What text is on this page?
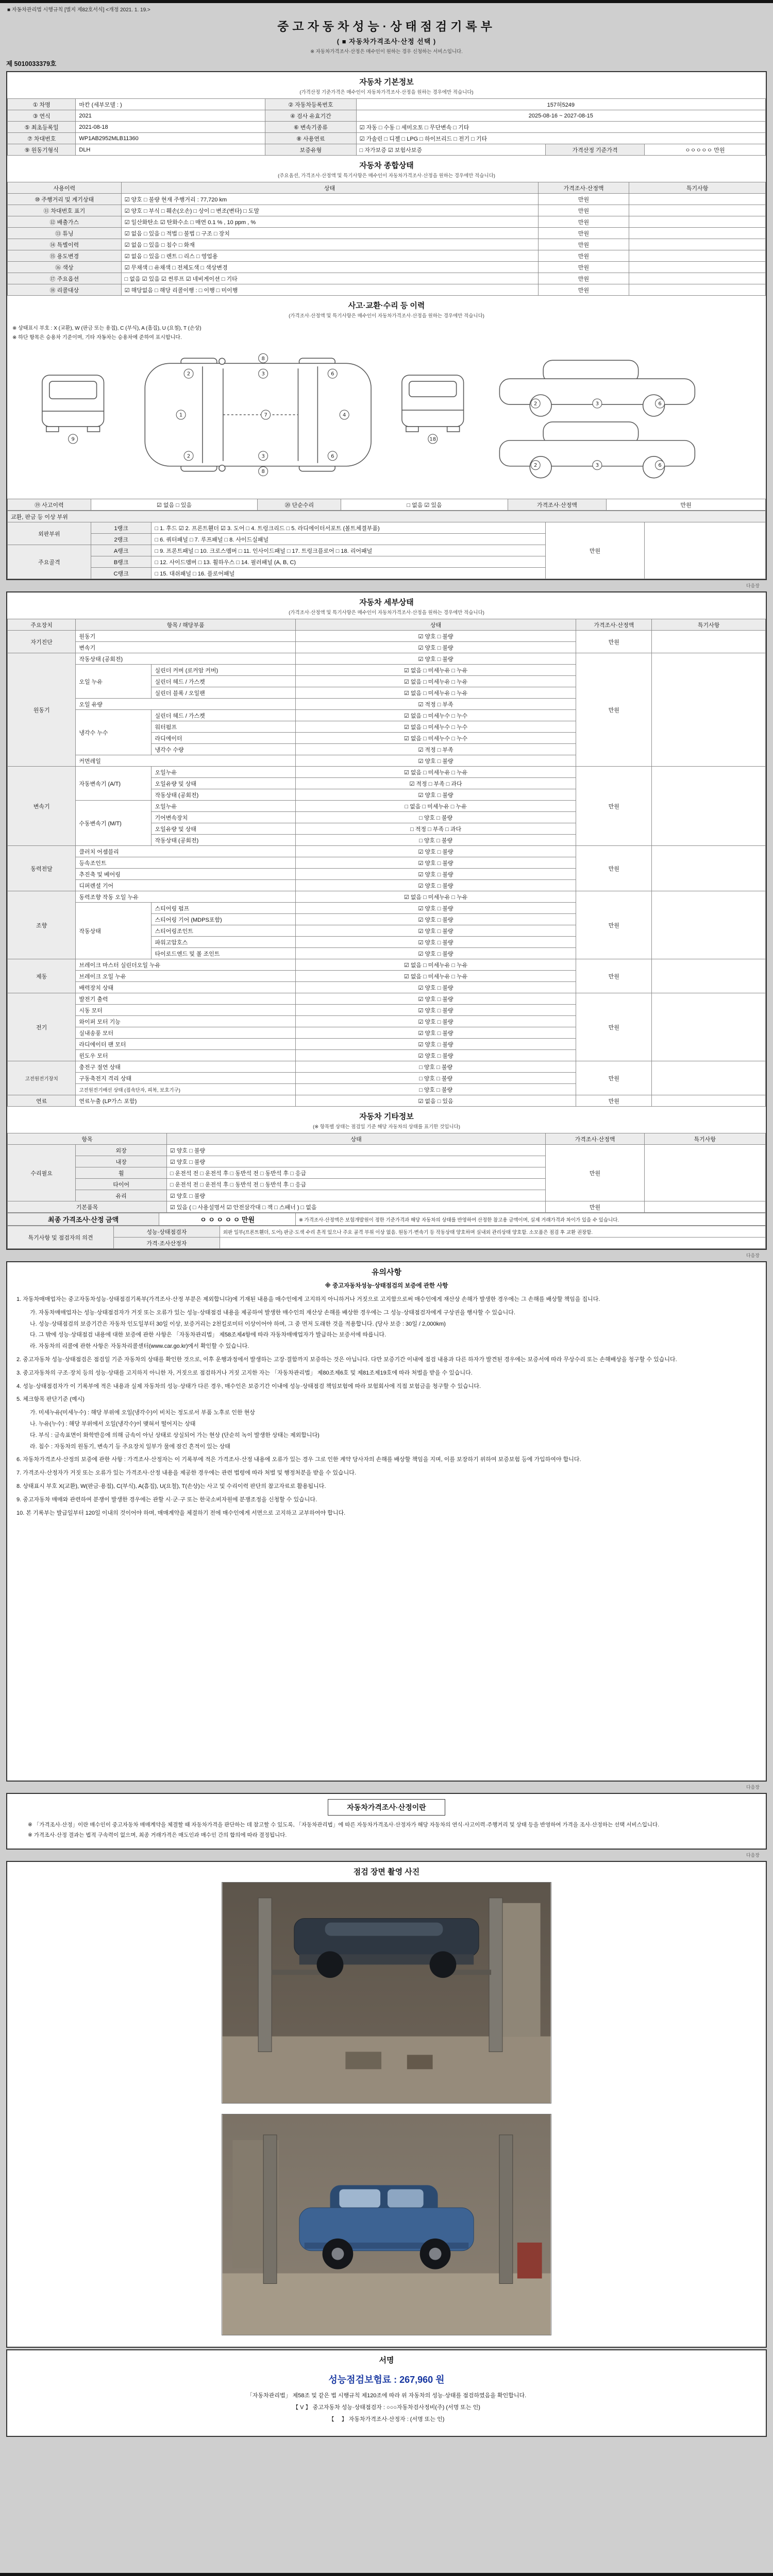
■ 자동차관리법 시행규칙 [별지 제82호서식] <개정 2021. 1. 19.>
중고자동차성능·상태점검기록부
( ■ 자동차가격조사·산정 선택 )
※ 자동차가격조사·산정은 매수인이 원하는 경우 신청하는 서비스입니다.
제 5010033379호
자동차 기본정보
(가격산정 기준가격은 매수인이 자동차가격조사·산정을 원하는 경우에만 적습니다)
① 차명	마칸 (세부모델 : )	② 자동차등록번호	157허5249		
③ 연식	2021	④ 검사 유효기간	2025-08-16 ~ 2027-08-15		
⑤ 최초등록일	2021-08-18	⑥ 변속기종류	☑ 자동 □ 수동 □ 세미오토 □ 무단변속 □ 기타		
⑦ 차대번호	WP1AB2952MLB11360	⑧ 사용연료	☑ 가솔린 □ 디젤 □ LPG □ 하이브리드 □ 전기 □ 기타		
⑨ 원동기형식	DLH	보증유형	□ 자가보증 ☑ 보험사보증	가격산정 기준가격	ㅇㅇㅇㅇㅇ 만원
자동차 종합상태
(주요옵션, 가격조사·산정액 및 특기사항은 매수인이 자동차가격조사·산정을 원하는 경우에만 적습니다)
사용이력	상태	가격조사·산정액	특기사항
⑩ 주행거리 및 계기상태	☑ 양호 □ 불량 현재 주행거리 : 77,720 km	만원	
⑪ 차대번호 표기	☑ 양호 □ 부식 □ 훼손(오손) □ 상이 □ 변조(변타) □ 도말	만원	
⑫ 배출가스	☑ 일산화탄소 ☑ 탄화수소 □ 매연 0.1 % , 10 ppm , %	만원	
⑬ 튜닝	☑ 없음 □ 있음 □ 적법 □ 불법 □ 구조 □ 장치	만원	
⑭ 특별이력	☑ 없음 □ 있음 □ 침수 □ 화재	만원	
⑮ 용도변경	☑ 없음 □ 있음 □ 렌트 □ 리스 □ 영업용	만원	
⑯ 색상	☑ 무채색 □ 유채색 □ 전체도색 □ 색상변경	만원	
⑰ 주요옵션	□ 없음 ☑ 있음 ☑ 썬루프 ☑ 네비게이션 □ 기타	만원	
⑱ 리콜대상	☑ 해당없음 □ 해당 리콜이행 : □ 이행 □ 미이행	만원	
사고·교환·수리 등 이력
(가격조사·산정액 및 특기사항은 매수인이 자동차가격조사·산정을 원하는 경우에만 적습니다)
※ 상태표시 부호 : X (교환), W (판금 또는 용접), C (부식), A (흠집), U (요철), T (손상)
※ 하단 항목은 승용차 기준이며, 기타 자동차는 승용차에 준하여 표시합니다.
9
1
2
2
3
3
7	4
6
6
8
8
18
2	3	6
2	3	6
⑲ 사고이력	☑ 없음 □ 있음	⑳ 단순수리	□ 없음 ☑ 있음	가격조사·산정액	만원
교환, 판금 등 이상 부위				
외판부위	1랭크	□ 1. 후드 ☑ 2. 프론트휀더 ☑ 3. 도어 □ 4. 트렁크리드 □ 5. 라디에이터서포트 (볼트체결부품)	만원	
	2랭크	□ 6. 쿼터패널 □ 7. 루프패널 □ 8. 사이드실패널		
주요골격	A랭크	□ 9. 프론트패널 □ 10. 크로스멤버 □ 11. 인사이드패널 □ 17. 트렁크플로어 □ 18. 리어패널		
	B랭크	□ 12. 사이드멤버 □ 13. 휠하우스 □ 14. 필러패널 (A, B, C)		
	C랭크	□ 15. 대쉬패널 □ 16. 플로어패널		
다음장
자동차 세부상태
(가격조사·산정액 및 특기사항은 매수인이 자동차가격조사·산정을 원하는 경우에만 적습니다)
주요장치	항목 / 해당부품		상태	가격조사·산정액	특기사항
자기진단	원동기		☑ 양호 □ 불량	만원	
	변속기		☑ 양호 □ 불량		
원동기	작동상태 (공회전)		☑ 양호 □ 불량	만원	
	오일 누유	실린더 커버 (로커암 커버)	☑ 없음 □ 미세누유 □ 누유		
		실린더 헤드 / 가스켓	☑ 없음 □ 미세누유 □ 누유		
		실린더 블록 / 오일팬	☑ 없음 □ 미세누유 □ 누유		
	오일 유량		☑ 적정 □ 부족		
	냉각수 누수	실린더 헤드 / 가스켓	☑ 없음 □ 미세누수 □ 누수		
		워터펌프	☑ 없음 □ 미세누수 □ 누수		
		라디에이터	☑ 없음 □ 미세누수 □ 누수		
		냉각수 수량	☑ 적정 □ 부족		
	커먼레일		☑ 양호 □ 불량		
변속기	자동변속기 (A/T)	오일누유	☑ 없음 □ 미세누유 □ 누유	만원	
		오일유량 및 상태	☑ 적정 □ 부족 □ 과다		
		작동상태 (공회전)	☑ 양호 □ 불량		
	수동변속기 (M/T)	오일누유	□ 없음 □ 미세누유 □ 누유		
		기어변속장치	□ 양호 □ 불량		
		오일유량 및 상태	□ 적정 □ 부족 □ 과다		
		작동상태 (공회전)	□ 양호 □ 불량		
동력전달	클러치 어셈블리		☑ 양호 □ 불량	만원	
	등속조인트		☑ 양호 □ 불량		
	추진축 및 베어링		☑ 양호 □ 불량		
	디퍼렌셜 기어		☑ 양호 □ 불량		
조향	동력조향 작동 오일 누유		☑ 없음 □ 미세누유 □ 누유	만원	
	작동상태	스티어링 펌프	☑ 양호 □ 불량		
		스티어링 기어 (MDPS포함)	☑ 양호 □ 불량		
		스티어링조인트	☑ 양호 □ 불량		
		파워고압호스	☑ 양호 □ 불량		
		타이로드엔드 및 볼 조인트	☑ 양호 □ 불량		
제동	브레이크 마스터 실린더오일 누유		☑ 없음 □ 미세누유 □ 누유	만원	
	브레이크 오일 누유		☑ 없음 □ 미세누유 □ 누유		
	배력장치 상태		☑ 양호 □ 불량		
전기	발전기 출력		☑ 양호 □ 불량	만원	
	시동 모터		☑ 양호 □ 불량		
	와이퍼 모터 기능		☑ 양호 □ 불량		
	실내송풍 모터		☑ 양호 □ 불량		
	라디에이터 팬 모터		☑ 양호 □ 불량		
	윈도우 모터		☑ 양호 □ 불량		
고전원전기장치	충전구 절연 상태		□ 양호 □ 불량	만원	
	구동축전지 격리 상태		□ 양호 □ 불량		
	고전원전기배선 상태 (접속단자, 피복, 보호기구)		□ 양호 □ 불량		
연료	연료누출 (LP가스 포함)		☑ 없음 □ 있음	만원	
자동차 기타정보
(※ 항목별 상태는 점검일 기준 해당 자동차의 상태를 표기한 것입니다)
항목		상태	가격조사·산정액	특기사항
수리필요	외장	☑ 양호 □ 불량	만원	
	내장	☑ 양호 □ 불량		
	휠	□ 운전석 전 □ 운전석 후 □ 동반석 전 □ 동반석 후 □ 응급		
	타이어	□ 운전석 전 □ 운전석 후 □ 동반석 전 □ 동반석 후 □ 응급		
	유리	☑ 양호 □ 불량		
기본품목		☑ 있음 ( □ 사용설명서 ☑ 안전삼각대 □ 잭 □ 스패너 ) □ 없음	만원	
최종 가격조사·산정 금액	ㅇ ㅇ ㅇ ㅇ ㅇ 만원	※ 가격조사·산정액은 보험개발원이 정한 기준가격과 해당 자동차의 상태를 반영하여 산정한 참고용 금액이며, 실제 거래가격과 차이가 있을 수 있습니다.
특기사항 및 점검자의 의견	성능·상태점검자	외판 일부(프론트휀더, 도어) 판금·도색 수리 흔적 있으나 주요 골격 부위 이상 없음. 원동기·변속기 등 작동상태 양호하며 실내외 관리상태 양호함. 소모품은 점검 후 교환 권장함.
	가격·조사산정자	
다음장
유의사항
※ 중고자동차성능·상태점검의 보증에 관한 사항
1. 자동차매매업자는 중고자동차성능·상태점검기록부(가격조사·산정 부분은 제외합니다)에 기재된 내용을 매수인에게 고지하지 아니하거나 거짓으로 고지함으로써 매수인에게 재산상 손해가 발생한 경우에는 그 손해를 배상할 책임을 집니다.
가. 자동차매매업자는 성능·상태점검자가 거짓 또는 오류가 있는 성능·상태점검 내용을 제공하여 발생한 매수인의 재산상 손해를 배상한 경우에는 그 성능·상태점검자에게 구상권을 행사할 수 있습니다.
나. 성능·상태점검의 보증기간은 자동차 인도일부터 30일 이상, 보증거리는 2천킬로미터 이상이어야 하며, 그 중 먼저 도래한 것을 적용합니다. (당사 보증 : 30일 / 2,000km)
다. 그 밖에 성능·상태점검 내용에 대한 보증에 관한 사항은 「자동차관리법」 제58조제4항에 따라 자동차매매업자가 발급하는 보증서에 따릅니다.
라. 자동차의 리콜에 관한 사항은 자동차리콜센터(www.car.go.kr)에서 확인할 수 있습니다.
2. 중고자동차 성능·상태점검은 점검일 기준 자동차의 상태를 확인한 것으로, 이후 운행과정에서 발생하는 고장·결함까지 보증하는 것은 아닙니다. 다만 보증기간 이내에 점검 내용과 다른 하자가 발견된 경우에는 보증서에 따라 무상수리 또는 손해배상을 청구할 수 있습니다.
3. 중고자동차의 구조·장치 등의 성능·상태를 고지하지 아니한 자, 거짓으로 점검하거나 거짓 고지한 자는 「자동차관리법」 제80조제6호 및 제81조제19호에 따라 처벌을 받을 수 있습니다.
4. 성능·상태점검자가 이 기록부에 적은 내용과 실제 자동차의 성능·상태가 다른 경우, 매수인은 보증기간 이내에 성능·상태점검 책임보험에 따라 보험회사에 직접 보험금을 청구할 수 있습니다.
5. 체크항목 판단기준 (예시)
가. 미세누유(미세누수) : 해당 부위에 오일(냉각수)이 비치는 정도로서 부품 노후로 인한 현상
나. 누유(누수) : 해당 부위에서 오일(냉각수)이 맺혀서 떨어지는 상태
다. 부식 : 금속표면이 화학반응에 의해 금속이 아닌 상태로 상실되어 가는 현상 (단순히 녹이 발생한 상태는 제외합니다)
라. 침수 : 자동차의 원동기, 변속기 등 주요장치 일부가 물에 잠긴 흔적이 있는 상태
6. 자동차가격조사·산정의 보증에 관한 사항 : 가격조사·산정자는 이 기록부에 적은 가격조사·산정 내용에 오류가 있는 경우 그로 인한 계약 당사자의 손해를 배상할 책임을 지며, 이를 보장하기 위하여 보증보험 등에 가입하여야 합니다.
7. 가격조사·산정자가 거짓 또는 오류가 있는 가격조사·산정 내용을 제공한 경우에는 관련 법령에 따라 처벌 및 행정처분을 받을 수 있습니다.
8. 상태표시 부호 X(교환), W(판금·용접), C(부식), A(흠집), U(요철), T(손상)는 사고 및 수리이력 판단의 참고자료로 활용됩니다.
9. 중고자동차 매매와 관련하여 분쟁이 발생한 경우에는 관할 시·군·구 또는 한국소비자원에 분쟁조정을 신청할 수 있습니다.
10. 본 기록부는 발급일부터 120일 이내의 것이어야 하며, 매매계약을 체결하기 전에 매수인에게 서면으로 고지하고 교부하여야 합니다.
다음장
자동차가격조사·산정이란
※ 「가격조사·산정」이란 매수인이 중고자동차 매매계약을 체결할 때 자동차가격을 판단하는 데 참고할 수 있도록, 「자동차관리법」에 따른 자동차가격조사·산정자가 해당 자동차의 연식·사고이력·주행거리 및 상태 등을 반영하여 가격을 조사·산정하는 선택 서비스입니다.
※ 가격조사·산정 결과는 법적 구속력이 없으며, 최종 거래가격은 매도인과 매수인 간의 합의에 따라 결정됩니다.
다음장
점검 장면 촬영 사진
서명
성능점검보험료 : 267,960 원
「자동차관리법」 제58조 및 같은 법 시행규칙 제120조에 따라 위 자동차의 성능·상태를 점검하였음을 확인합니다.
【 V 】 중고자동차 성능·상태점검자 : ○○○자동차검사정비(주) (서명 또는 인)
【　 】 자동차가격조사·산정자 : (서명 또는 인)
